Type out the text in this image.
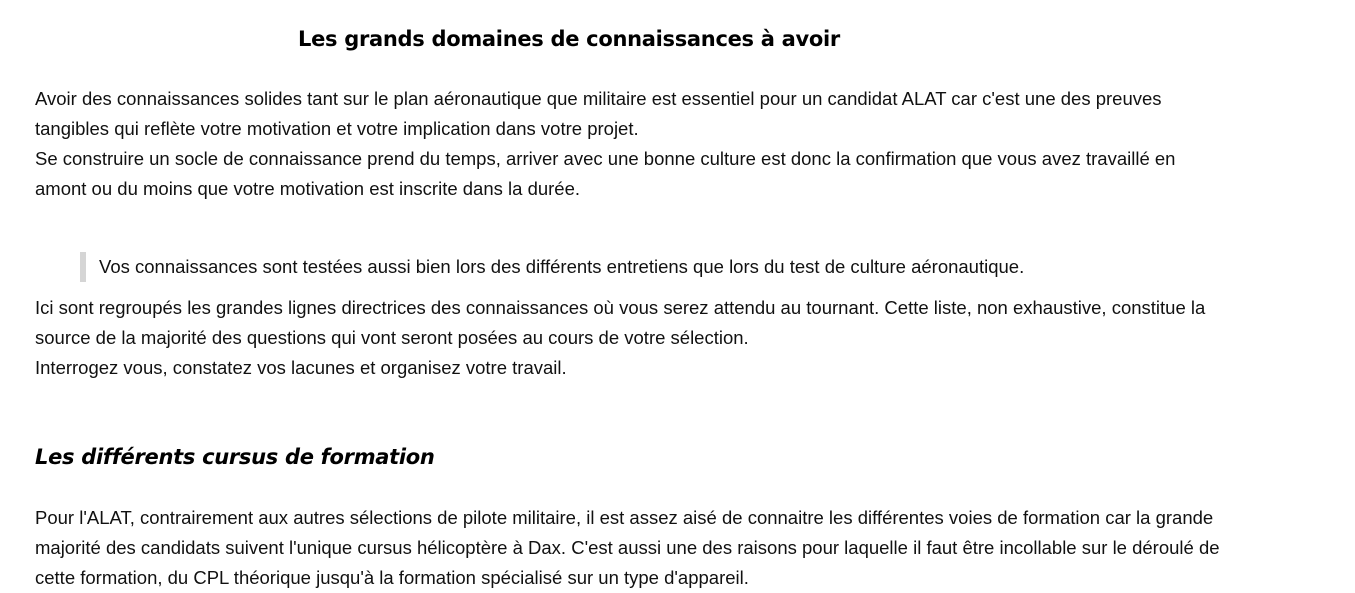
Les grands domaines de connaissances à avoir

Avoir des connaissances solides tant sur le plan aéronautique que militaire est essentiel pour un candidat ALAT car c'est une des preuves
tangibles qui reflète votre motivation et votre implication dans votre projet.
Se construire un socle de connaissance prend du temps, arriver avec une bonne culture est donc la confirmation que vous avez travaillé en
amont ou du moins que votre motivation est inscrite dans la durée.

Vos connaissances sont testées aussi bien lors des différents entretiens que lors du test de culture aéronautique.

Ici sont regroupés les grandes lignes directrices des connaissances où vous serez attendu au tournant. Cette liste, non exhaustive, constitue la
source de la majorité des questions qui vont seront posées au cours de votre sélection.
Interrogez vous, constatez vos lacunes et organisez votre travail.

Les différents cursus de formation

Pour l'ALAT, contrairement aux autres sélections de pilote militaire, il est assez aisé de connaitre les différentes voies de formation car la grande
majorité des candidats suivent l'unique cursus hélicoptère à Dax. C'est aussi une des raisons pour laquelle il faut être incollable sur le déroulé de
cette formation, du CPL théorique jusqu'à la formation spécialisé sur un type d'appareil.
